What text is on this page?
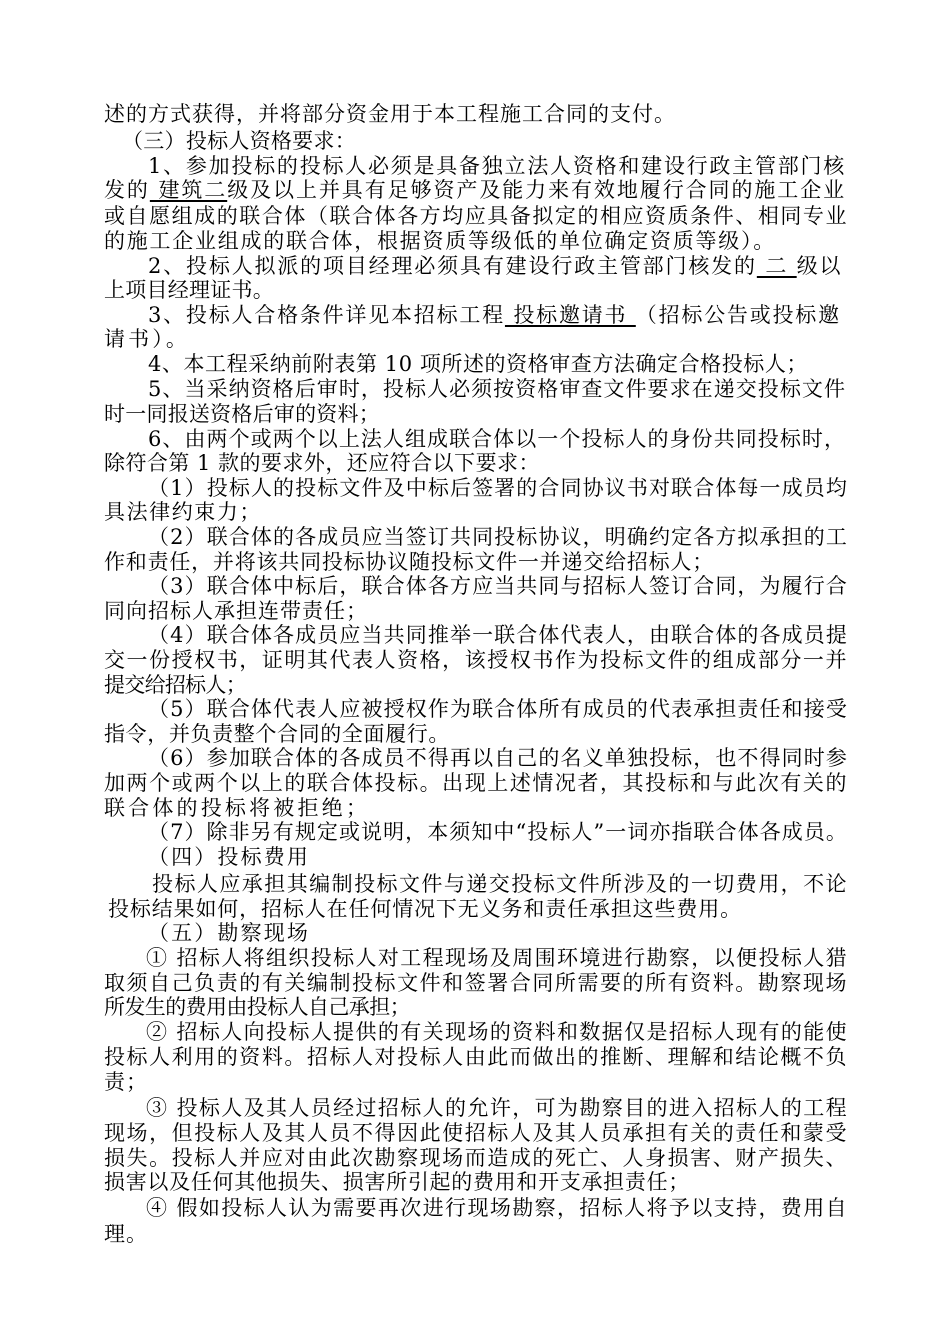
述的方式获得，并将部分资金用于本工程施工合同的支付。
（三）投标人资格要求：
1、参加投标的投标人必须是具备独立法人资格和建设行政主管部门核
发的 建筑二级及以上并具有足够资产及能力来有效地履行合同的施工企业
或自愿组成的联合体（联合体各方均应具备拟定的相应资质条件、相同专业
的施工企业组成的联合体，根据资质等级低的单位确定资质等级）。
2、投标人拟派的项目经理必须具有建设行政主管部门核发的 二 级以
上项目经理证书。
3、投标人合格条件详见本招标工程 投标邀请书 （招标公告或投标邀
请书）。
4、本工程采纳前附表第 10 项所述的资格审查方法确定合格投标人；
5、当采纳资格后审时，投标人必须按资格审查文件要求在递交投标文件
时一同报送资格后审的资料；
6、由两个或两个以上法人组成联合体以一个投标人的身份共同投标时，
除符合第 1 款的要求外，还应符合以下要求：
（1）投标人的投标文件及中标后签署的合同协议书对联合体每一成员均
具法律约束力；
（2）联合体的各成员应当签订共同投标协议，明确约定各方拟承担的工
作和责任，并将该共同投标协议随投标文件一并递交给招标人；
（3）联合体中标后，联合体各方应当共同与招标人签订合同，为履行合
同向招标人承担连带责任；
（4）联合体各成员应当共同推举一联合体代表人，由联合体的各成员提
交一份授权书，证明其代表人资格，该授权书作为投标文件的组成部分一并
提交给招标人；
（5）联合体代表人应被授权作为联合体所有成员的代表承担责任和接受
指令，并负责整个合同的全面履行。
（6）参加联合体的各成员不得再以自己的名义单独投标，也不得同时参
加两个或两个以上的联合体投标。出现上述情况者，其投标和与此次有关的
联合体的投标将被拒绝；
（7）除非另有规定或说明，本须知中“投标人”一词亦指联合体各成员。
（四）投标费用
投标人应承担其编制投标文件与递交投标文件所涉及的一切费用，不论
投标结果如何，招标人在任何情况下无义务和责任承担这些费用。
（五）勘察现场
① 招标人将组织投标人对工程现场及周围环境进行勘察，以便投标人猎
取须自己负责的有关编制投标文件和签署合同所需要的所有资料。勘察现场
所发生的费用由投标人自己承担；
② 招标人向投标人提供的有关现场的资料和数据仅是招标人现有的能使
投标人利用的资料。招标人对投标人由此而做出的推断、理解和结论概不负
责；
③ 投标人及其人员经过招标人的允许，可为勘察目的进入招标人的工程
现场，但投标人及其人员不得因此使招标人及其人员承担有关的责任和蒙受
损失。投标人并应对由此次勘察现场而造成的死亡、人身损害、财产损失、
损害以及任何其他损失、损害所引起的费用和开支承担责任；
④ 假如投标人认为需要再次进行现场勘察，招标人将予以支持，费用自
理。
